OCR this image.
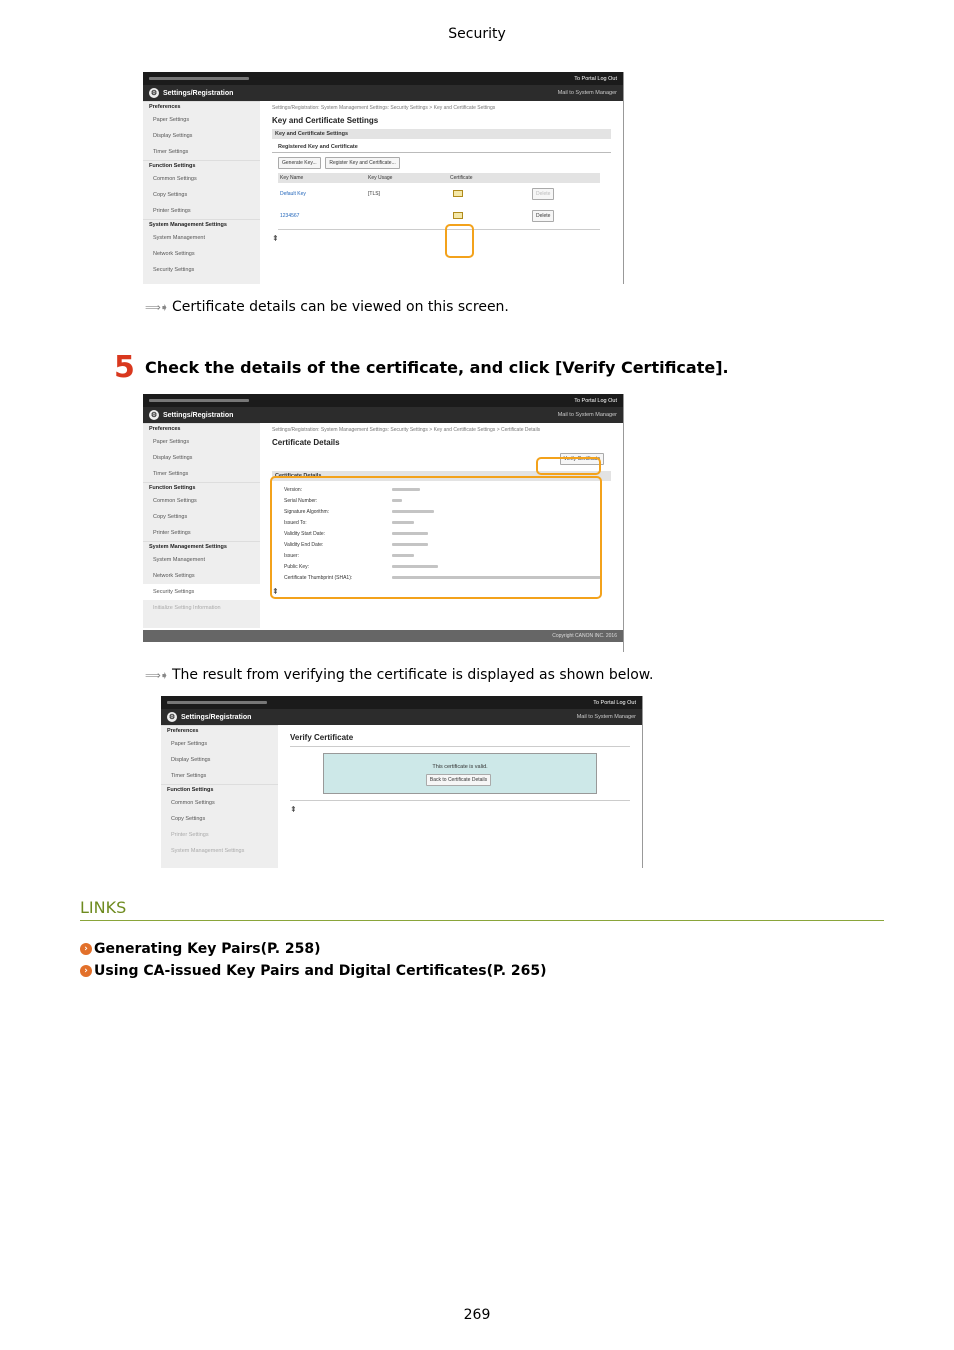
Security
To Portal Log Out
⚙ Settings/Registration	Mail to System Manager
Preferences
Paper Settings
Display Settings
Timer Settings
Function Settings
Common Settings
Copy Settings
Printer Settings
System Management Settings
System Management
Network Settings
Security Settings
Settings/Registration: System Management Settings: Security Settings > Key and Certificate Settings
Key and Certificate Settings
Key and Certificate Settings
Registered Key and Certificate
Generate Key...	Register Key and Certificate...
Key Name	Key Usage	Certificate	
Default Key	[TLS]		Delete
1234567			Delete
⇞
⟹➧ Certificate details can be viewed on this screen.
5 Check the details of the certificate, and click [Verify Certificate].
To Portal Log Out
⚙ Settings/Registration	Mail to System Manager
Preferences
Paper Settings
Display Settings
Timer Settings
Function Settings
Common Settings
Copy Settings
Printer Settings
System Management Settings
System Management
Network Settings
Security Settings
Initialize Setting Information
Settings/Registration: System Management Settings: Security Settings > Key and Certificate Settings > Certificate Details
Certificate Details
Verify Certificate
Certificate Details
Version:
Serial Number:
Signature Algorithm:
Issued To:
Validity Start Date:
Validity End Date:
Issuer:
Public Key:
Certificate Thumbprint (SHA1):
⇞
Copyright CANON INC. 2016
⟹➧ The result from verifying the certificate is displayed as shown below.
To Portal Log Out
⚙ Settings/Registration	Mail to System Manager
Preferences
Paper Settings
Display Settings
Timer Settings
Function Settings
Common Settings
Copy Settings
Printer Settings
System Management Settings
Verify Certificate
This certificate is valid.
Back to Certificate Details
⇞
LINKS
› Generating Key Pairs(P. 258)
› Using CA-issued Key Pairs and Digital Certificates(P. 265)
269
